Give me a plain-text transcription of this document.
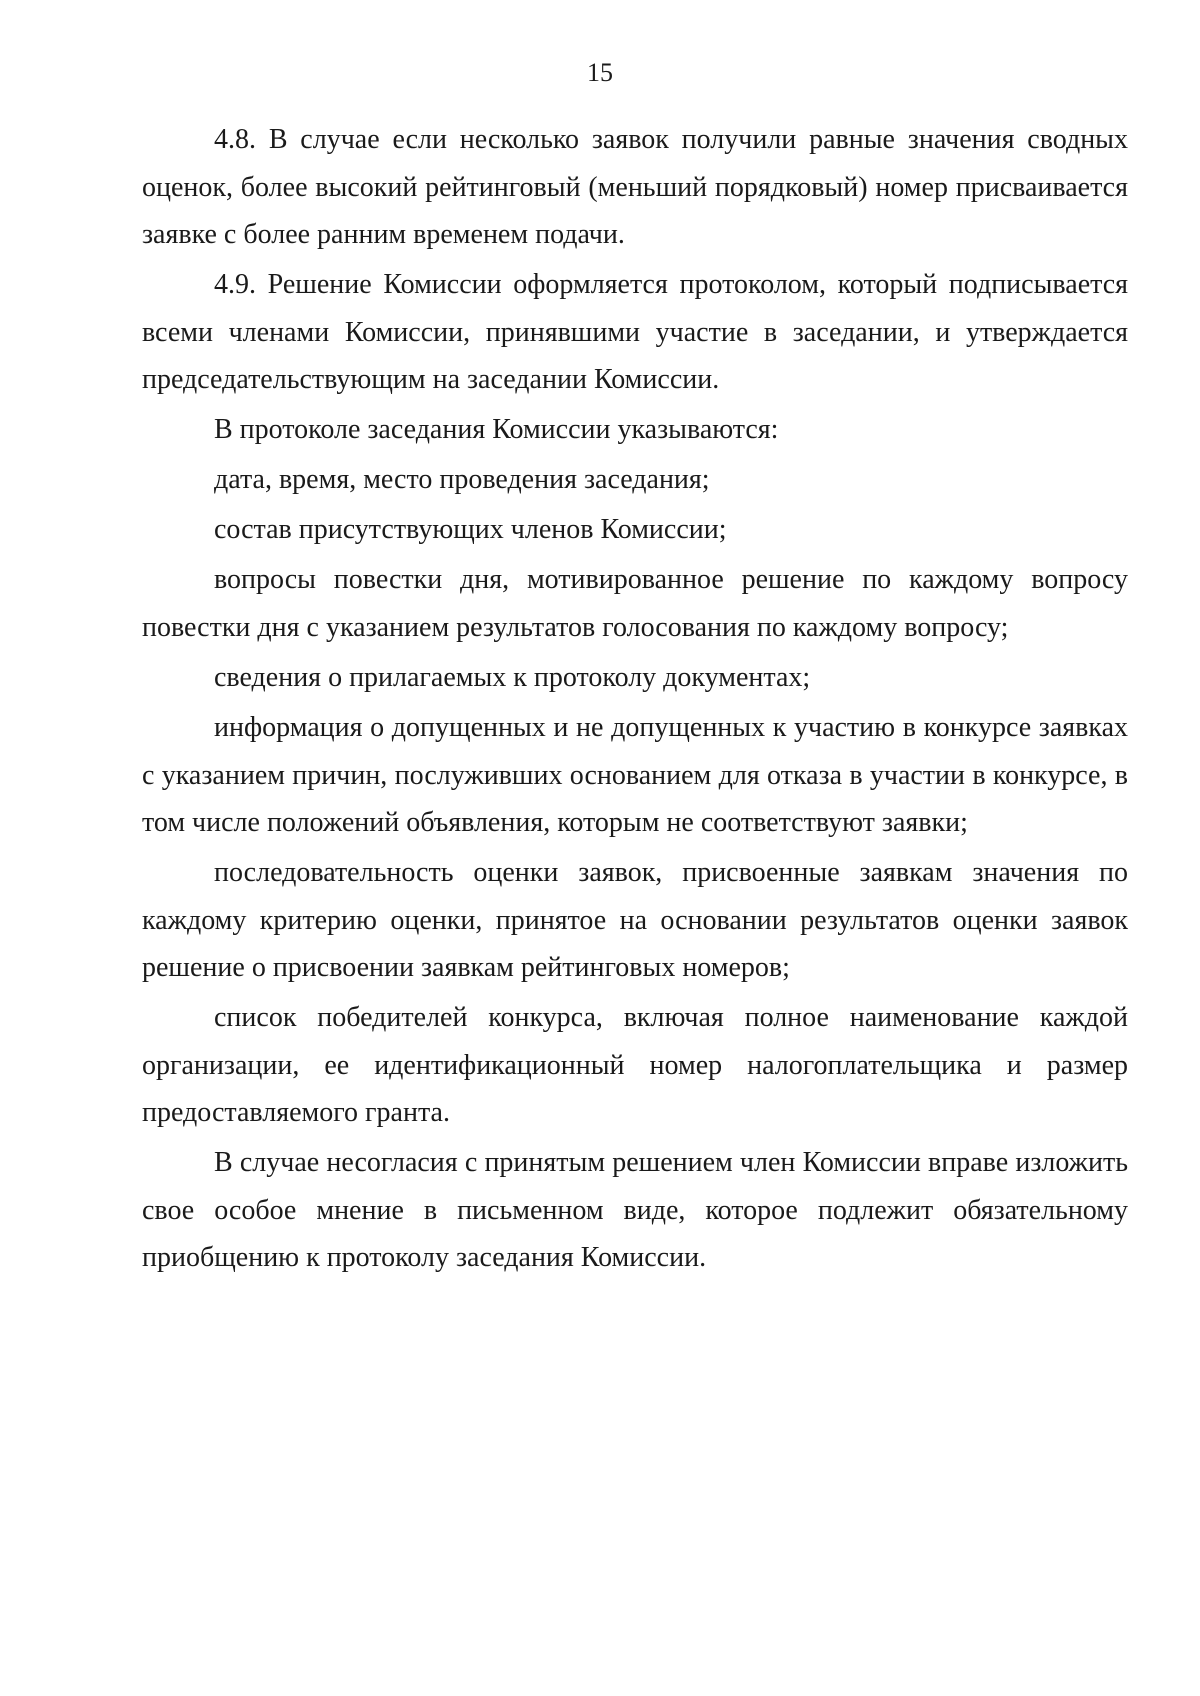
15

4.8. В случае если несколько заявок получили равные значения сводных оценок, более высокий рейтинговый (меньший порядковый) номер присваивается заявке с более ранним временем подачи.

4.9. Решение Комиссии оформляется протоколом, который подписывается всеми членами Комиссии, принявшими участие в заседании, и утверждается председательствующим на заседании Комиссии.

В протоколе заседания Комиссии указываются:

дата, время, место проведения заседания;

состав присутствующих членов Комиссии;

вопросы повестки дня, мотивированное решение по каждому вопросу повестки дня с указанием результатов голосования по каждому вопросу;

сведения о прилагаемых к протоколу документах;

информация о допущенных и не допущенных к участию в конкурсе заявках с указанием причин, послуживших основанием для отказа в участии в конкурсе, в том числе положений объявления, которым не соответствуют заявки;

последовательность оценки заявок, присвоенные заявкам значения по каждому критерию оценки, принятое на основании результатов оценки заявок решение о присвоении заявкам рейтинговых номеров;

список победителей конкурса, включая полное наименование каждой организации, ее идентификационный номер налогоплательщика и размер предоставляемого гранта.

В случае несогласия с принятым решением член Комиссии вправе изложить свое особое мнение в письменном виде, которое подлежит обязательному приобщению к протоколу заседания Комиссии.
